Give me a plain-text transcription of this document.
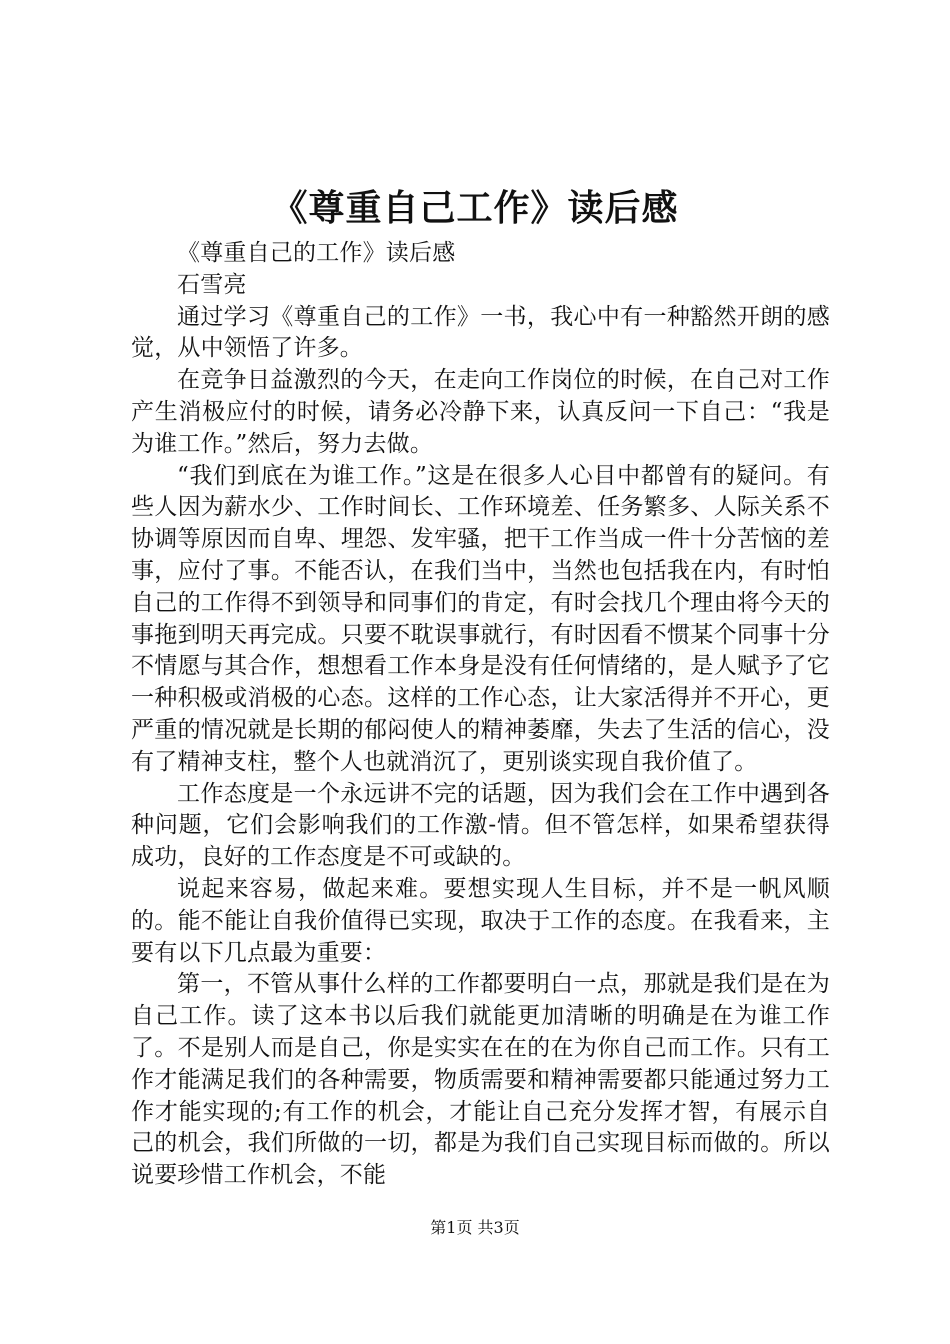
《尊重自己工作》读后感

《尊重自己的工作》读后感

石雪亮

通过学习《尊重自己的工作》一书，我心中有一种豁然开朗的感觉，从中领悟了许多。

在竞争日益激烈的今天，在走向工作岗位的时候，在自己对工作产生消极应付的时候，请务必冷静下来，认真反问一下自己：“我是为谁工作。”然后，努力去做。

“我们到底在为谁工作。”这是在很多人心目中都曾有的疑问。有些人因为薪水少、工作时间长、工作环境差、任务繁多、人际关系不协调等原因而自卑、埋怨、发牢骚，把干工作当成一件十分苦恼的差事，应付了事。不能否认，在我们当中，当然也包括我在内，有时怕自己的工作得不到领导和同事们的肯定，有时会找几个理由将今天的事拖到明天再完成。只要不耽误事就行，有时因看不惯某个同事十分不情愿与其合作，想想看工作本身是没有任何情绪的，是人赋予了它一种积极或消极的心态。这样的工作心态，让大家活得并不开心，更严重的情况就是长期的郁闷使人的精神萎靡，失去了生活的信心，没有了精神支柱，整个人也就消沉了，更别谈实现自我价值了。

工作态度是一个永远讲不完的话题，因为我们会在工作中遇到各种问题，它们会影响我们的工作激-情。但不管怎样，如果希望获得成功，良好的工作态度是不可或缺的。

说起来容易，做起来难。要想实现人生目标，并不是一帆风顺的。能不能让自我价值得已实现，取决于工作的态度。在我看来，主要有以下几点最为重要：

第一，不管从事什么样的工作都要明白一点，那就是我们是在为自己工作。读了这本书以后我们就能更加清晰的明确是在为谁工作了。不是别人而是自己，你是实实在在的在为你自己而工作。只有工作才能满足我们的各种需要，物质需要和精神需要都只能通过努力工作才能实现的;有工作的机会，才能让自己充分发挥才智，有展示自己的机会，我们所做的一切，都是为我们自己实现目标而做的。所以说要珍惜工作机会，不能

第1页 共3页
